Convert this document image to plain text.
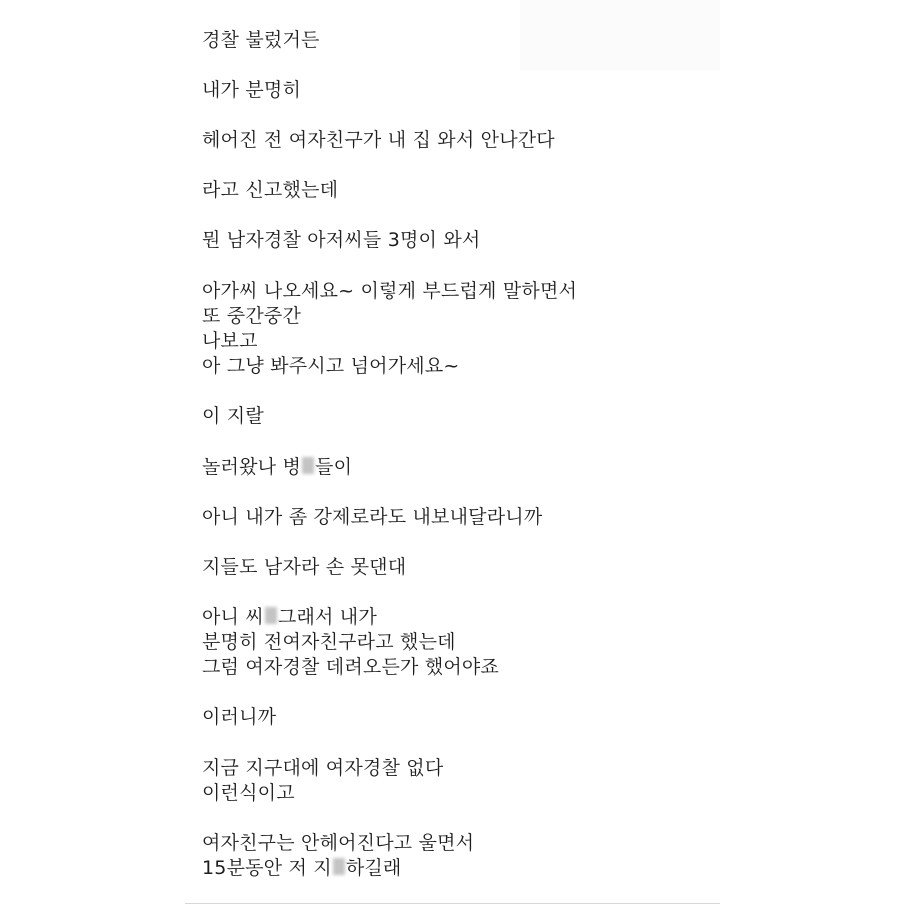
경찰 불렀거든
내가 분명히
헤어진 전 여자친구가 내 집 와서 안나간다
라고 신고했는데
뭔 남자경찰 아저씨들 3명이 와서
아가씨 나오세요~ 이렇게 부드럽게 말하면서
또 중간중간
나보고
아 그냥 봐주시고 넘어가세요~
이 지랄
놀러왔나 병 들이
아니 내가 좀 강제로라도 내보내달라니까
지들도 남자라 손 못댄대
아니 씨 그래서 내가
분명히 전여자친구라고 했는데
그럼 여자경찰 데려오든가 했어야죠
이러니까
지금 지구대에 여자경찰 없다
이런식이고
여자친구는 안헤어진다고 울면서
15분동안 저 지 하길래
